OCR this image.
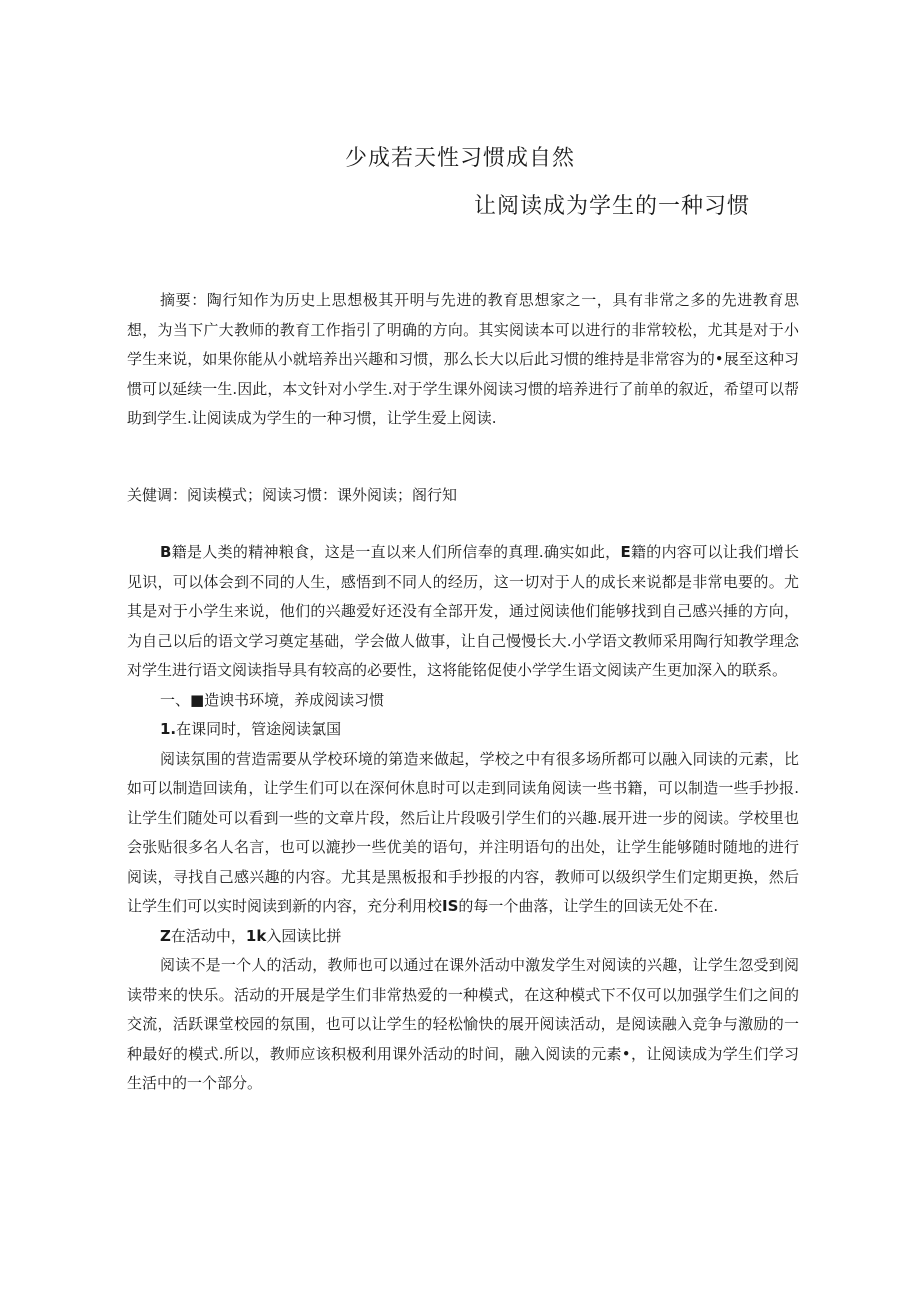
少成若天性习惯成自然
让阅读成为学生的一种习惯

摘要：陶行知作为历史上思想极其开明与先进的教育思想家之一，具有非常之多的先进教育思想，为当下广大教师的教育工作指引了明确的方向。其实阅读本可以进行的非常较松，尤其是对于小学生来说，如果你能从小就培养出兴趣和习惯，那么长大以后此习惯的维持是非常容为的•展至这种习惯可以延续一生.因此，本文针对小学生.对于学生课外阅读习惯的培养进行了前单的叙近，希望可以帮助到学生.让阅读成为学生的一种习惯，让学生爱上阅读.

关健调：阅读模式；阅读习惯：课外阅读；阁行知

B籍是人类的精神粮食，这是一直以来人们所信奉的真理.确实如此，E籍的内容可以让我们增长见识，可以体会到不同的人生，感悟到不同人的经历，这一切对于人的成长来说都是非常电要的。尤其是对于小学生来说，他们的兴趣爱好还没有全部开发，通过阅读他们能够找到自己感兴捶的方向，为自己以后的语文学习奠定基础，学会做人做事，让自己慢慢长大.小学语文教师采用陶行知教学理念对学生进行语文阅读指导具有较高的必要性，这将能铭促使小学学生语文阅读产生更加深入的联系。

一、■造谀书环境，养成阅读习惯

1.在课同时，管途阅读氯国

阅读氛围的营造需要从学校环境的第造来做起，学校之中有很多场所都可以融入同读的元素，比如可以制造回读角，让学生们可以在深何休息时可以走到同读角阅读一些书籍，可以制造一些手抄报.让学生们随处可以看到一些的文章片段，然后让片段吸引学生们的兴趣.展开进一步的阅读。学校里也会张贴很多名人名言，也可以漉抄一些优美的语句，并注明语句的出处，让学生能够随时随地的进行阅读，寻找自己感兴趣的内容。尤其是黑板报和手抄报的内容，教师可以级织学生们定期更换，然后让学生们可以实时阅读到新的内容，充分利用校IS的每一个曲落，让学生的回读无处不在.

Z在活动中，1k入园读比拼

阅读不是一个人的活动，教师也可以通过在课外活动中激发学生对阅读的兴趣，让学生忽受到阅读带来的快乐。活动的开展是学生们非常热爱的一种模式，在这种模式下不仅可以加强学生们之间的交流，活跃课堂校园的氛围，也可以让学生的轻松愉快的展开阅读活动，是阅读融入竞争与激励的一种最好的模式.所以，教师应该积极利用课外活动的时间，融入阅读的元素•，让阅读成为学生们学习生活中的一个部分。
